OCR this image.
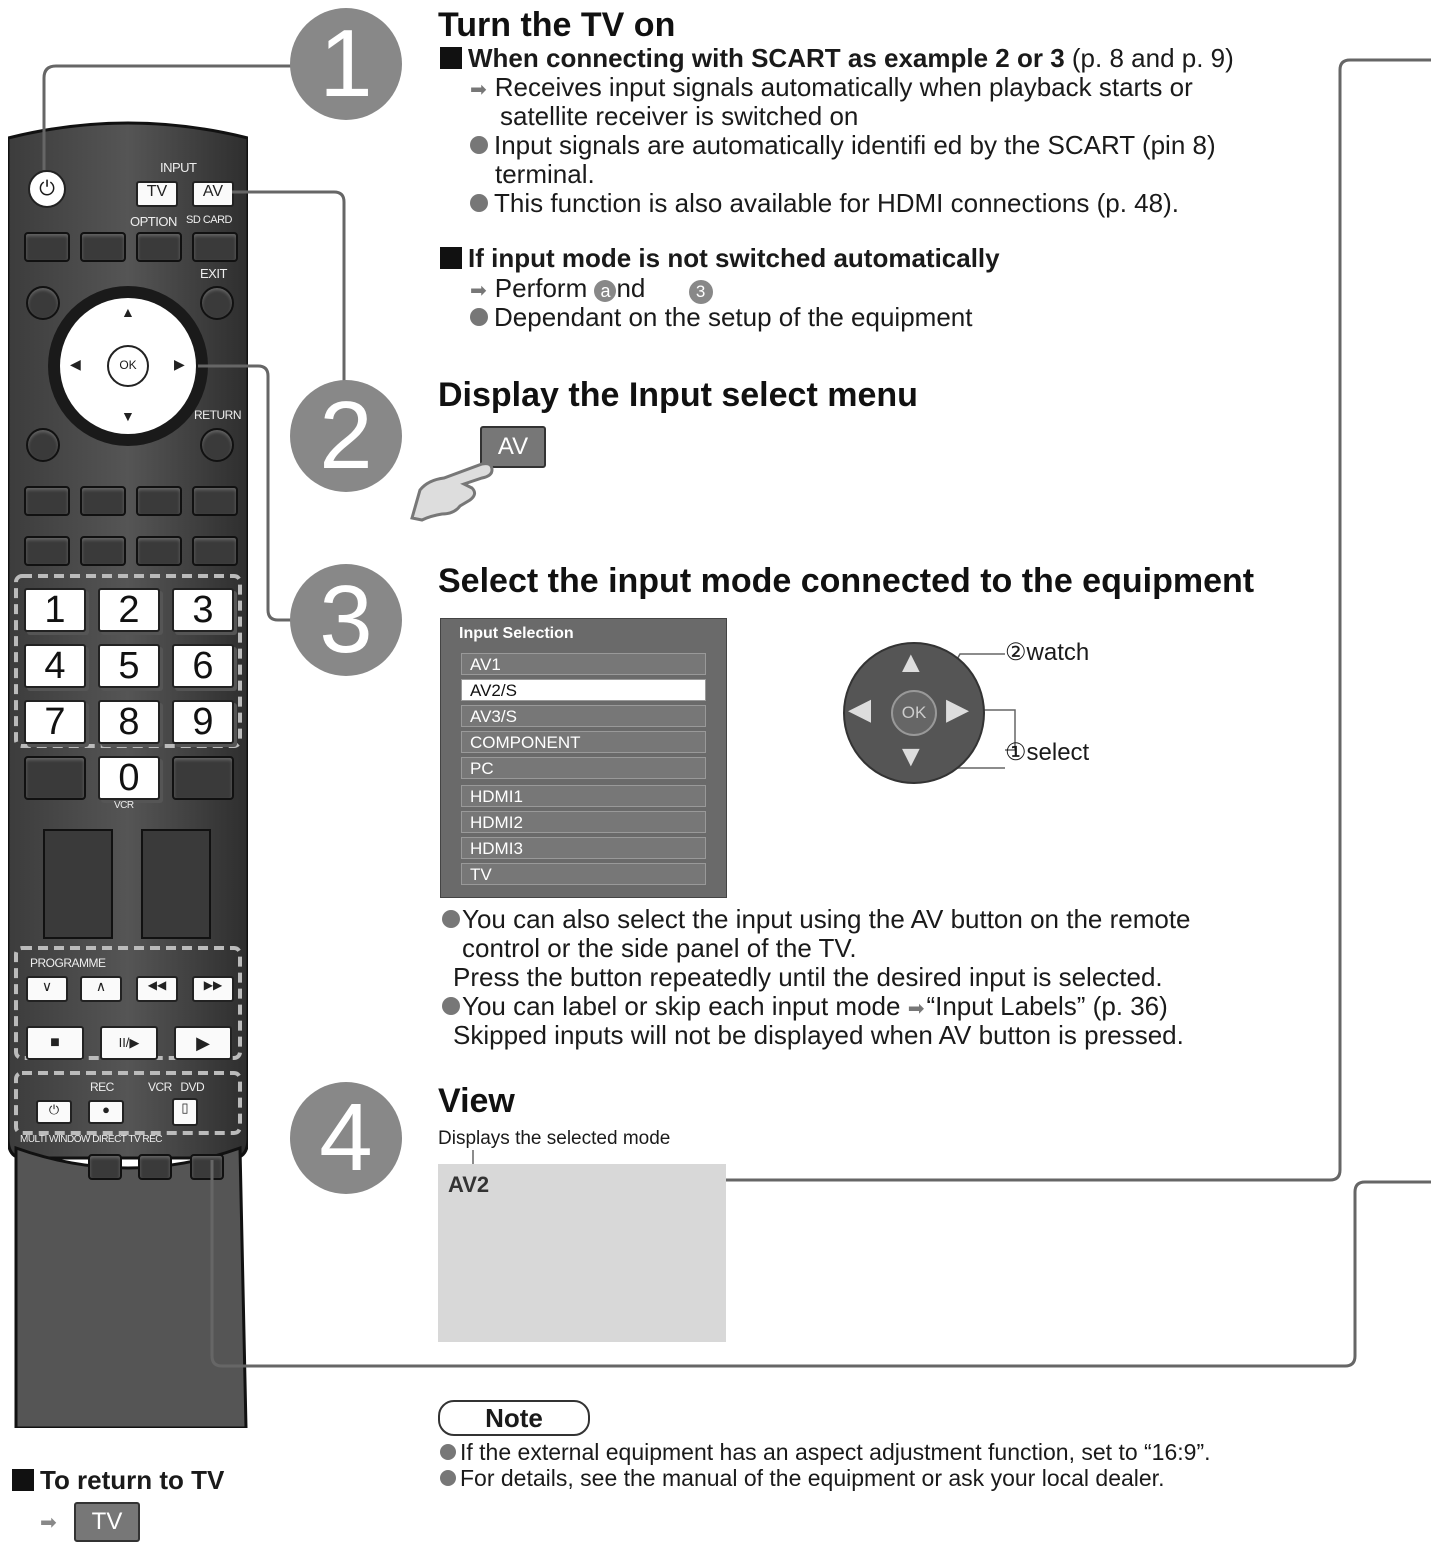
⏻
INPUT
TV	AV
OPTION SD CARD
EXIT
▲
▼
◀	▶
OK
RETURN
1	2	3
4	5	6
7	8	9
0
VCR
PROGRAMME
∨	∧	◀◀	▶▶
■	II/▶	▶
REC	VCR   DVD
⏻	●	▯
MULTI WINDOW DIRECT TV REC
1
2
3
4
Turn the TV on
When connecting with SCART as example 2 or 3 (p. 8 and p. 9)
➡ Receives input signals automatically when playback starts or
satellite receiver is switched on
Input signals are automatically identifi ed by the SCART (pin 8)
terminal.
This function is also available for HDMI connections (p. 48).
If input mode is not switched automatically
➡ Perform a nd	3
Dependant on the setup of the equipment
Display the Input select menu
AV
Select the input mode connected to the equipment
Input Selection
AV1
AV2/S
AV3/S
COMPONENT
PC
HDMI1
HDMI2
HDMI3
TV
▲
▼
◀ ▶
OK
②watch
①select
You can also select the input using the AV button on the remote
control or the side panel of the TV.
Press the button repeatedly until the desired input is selected.
You can label or skip each input mode ➡“Input Labels” (p. 36)
Skipped inputs will not be displayed when AV button is pressed.
View
Displays the selected mode
AV2
Note
If the external equipment has an aspect adjustment function, set to “16:9”.
For details, see the manual of the equipment or ask your local dealer.
To return to TV
➡	TV
